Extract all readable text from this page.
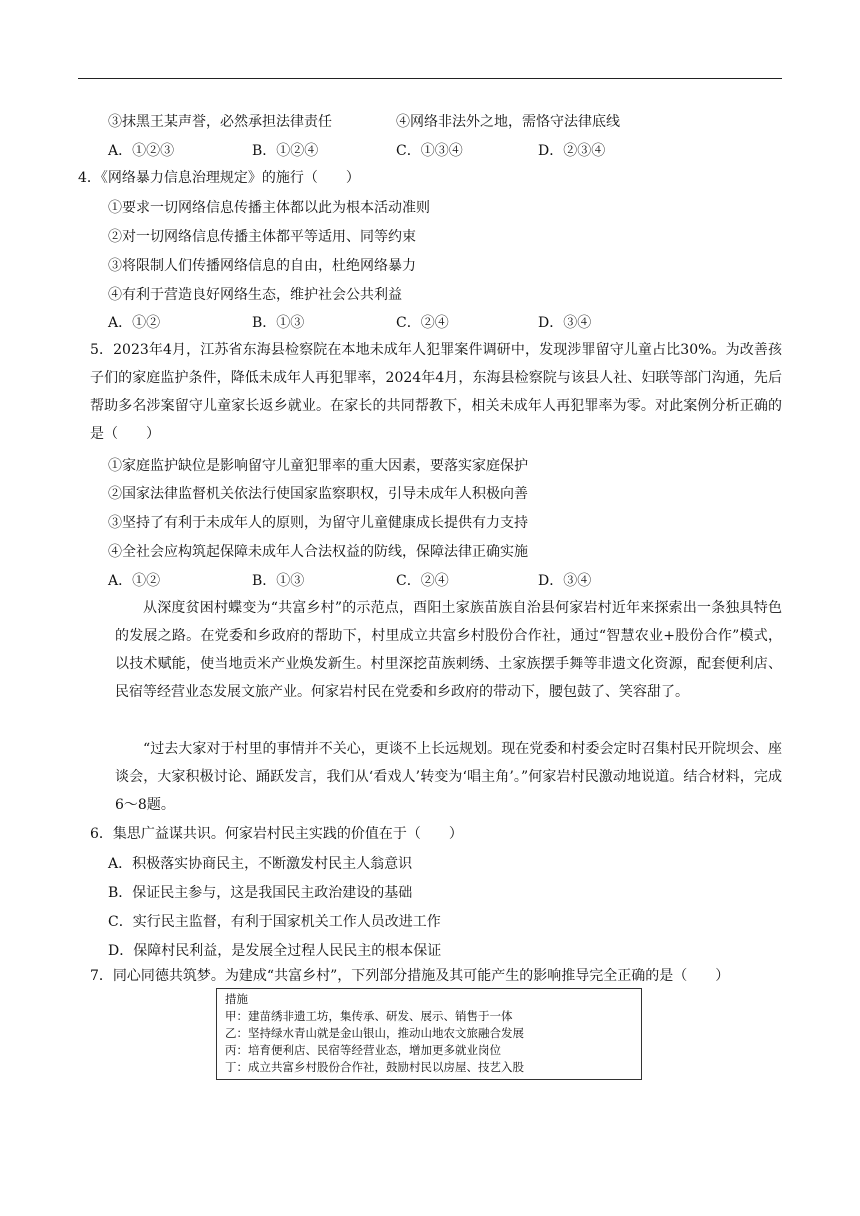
③抹黑王某声誉，必然承担法律责任	④网络非法外之地，需恪守法律底线
A．①②③	B．①②④	C．①③④	D．②③④
4．《网络暴力信息治理规定》的施行（　　）
①要求一切网络信息传播主体都以此为根本活动准则
②对一切网络信息传播主体都平等适用、同等约束
③将限制人们传播网络信息的自由，杜绝网络暴力
④有利于营造良好网络生态，维护社会公共利益
A．①②	B．①③	C．②④	D．③④
5．2023年4月，江苏省东海县检察院在本地未成年人犯罪案件调研中，发现涉罪留守儿童占比30%。为改善孩子们的家庭监护条件，降低未成年人再犯罪率，2024年4月，东海县检察院与该县人社、妇联等部门沟通，先后帮助多名涉案留守儿童家长返乡就业。在家长的共同帮教下，相关未成年人再犯罪率为零。对此案例分析正确的是（　　）
①家庭监护缺位是影响留守儿童犯罪率的重大因素，要落实家庭保护
②国家法律监督机关依法行使国家监察职权，引导未成年人积极向善
③坚持了有利于未成年人的原则，为留守儿童健康成长提供有力支持
④全社会应构筑起保障未成年人合法权益的防线，保障法律正确实施
A．①②	B．①③	C．②④	D．③④
从深度贫困村蝶变为“共富乡村”的示范点，酉阳土家族苗族自治县何家岩村近年来探索出一条独具特色的发展之路。在党委和乡政府的帮助下，村里成立共富乡村股份合作社，通过“智慧农业+股份合作”模式，以技术赋能，使当地贡米产业焕发新生。村里深挖苗族刺绣、土家族摆手舞等非遗文化资源，配套便利店、民宿等经营业态发展文旅产业。何家岩村民在党委和乡政府的带动下，腰包鼓了、笑容甜了。
“过去大家对于村里的事情并不关心，更谈不上长远规划。现在党委和村委会定时召集村民开院坝会、座谈会，大家积极讨论、踊跃发言，我们从‘看戏人’转变为‘唱主角’。”何家岩村民激动地说道。结合材料，完成6～8题。
6．集思广益谋共识。何家岩村民主实践的价值在于（　　）
A．积极落实协商民主，不断激发村民主人翁意识
B．保证民主参与，这是我国民主政治建设的基础
C．实行民主监督，有利于国家机关工作人员改进工作
D．保障村民利益，是发展全过程人民民主的根本保证
7．同心同德共筑梦。为建成“共富乡村”，下列部分措施及其可能产生的影响推导完全正确的是（　　）
措施
甲：建苗绣非遗工坊，集传承、研发、展示、销售于一体
乙：坚持绿水青山就是金山银山，推动山地农文旅融合发展
丙：培育便利店、民宿等经营业态，增加更多就业岗位
丁：成立共富乡村股份合作社，鼓励村民以房屋、技艺入股
